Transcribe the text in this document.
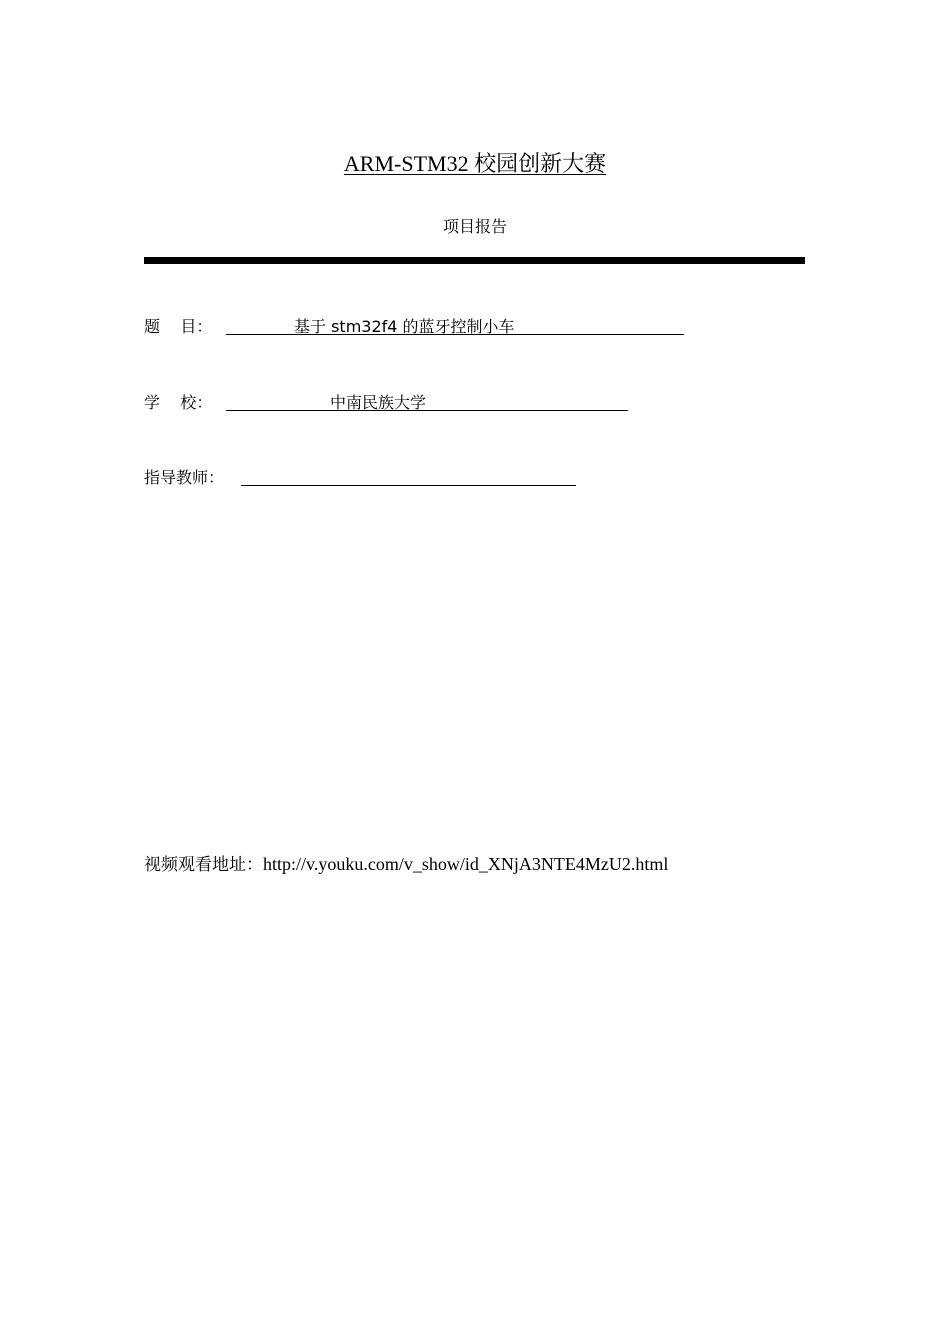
ARM-STM32 校园创新大赛
项目报告
题    目：	基于 stm32f4 的蓝牙控制小车
学    校：	中南民族大学
指导教师：
视频观看地址：http://v.youku.com/v_show/id_XNjA3NTE4MzU2.html
